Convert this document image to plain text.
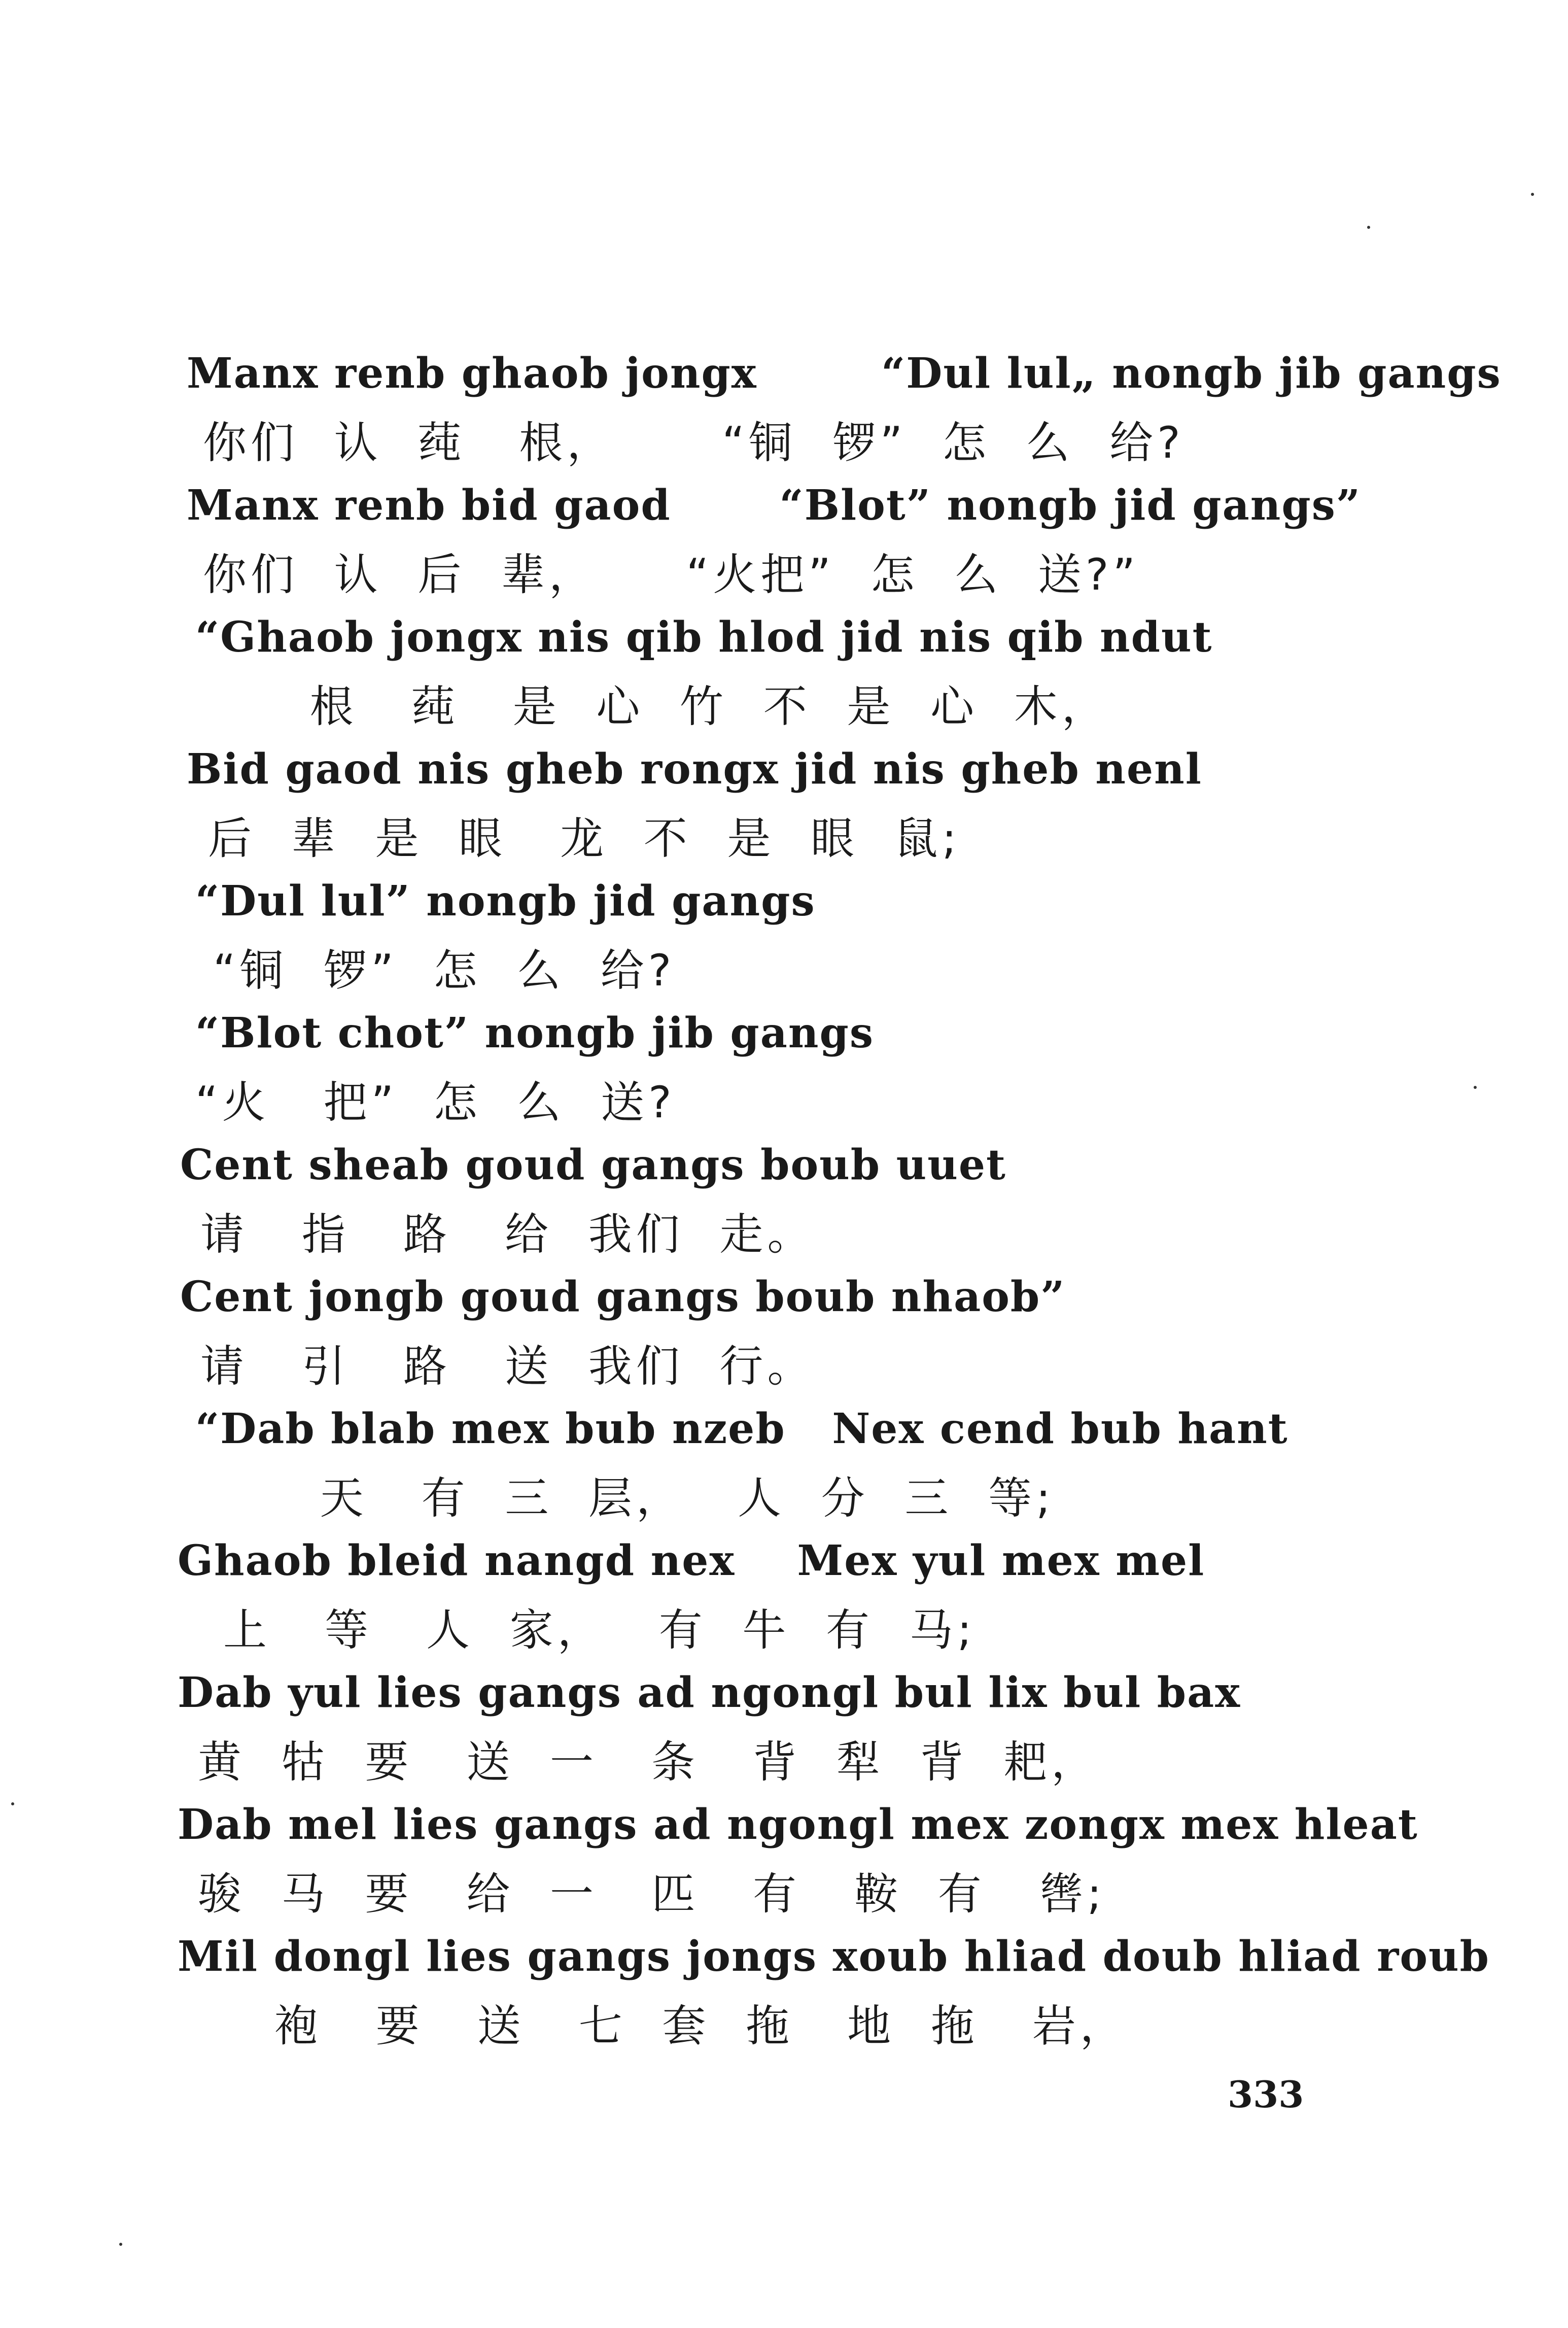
Manx renb ghaob jongx        “Dul lul„ nongb jib gangs
你们  认  莼   根，      “铜  锣”  怎  么  给?
Manx renb bid gaod       “Blot” nongb jid gangs”
你们  认  后  辈，     “火把”  怎  么  送?”
“Ghaob jongx nis qib hlod jid nis qib ndut
根   莼   是  心  竹  不  是  心  木，
Bid gaod nis gheb rongx jid nis gheb nenl
后  辈  是  眼   龙  不  是  眼  鼠;
“Dul lul” nongb jid gangs
“铜  锣”  怎  么  给?
“Blot chot” nongb jib gangs
“火   把”  怎  么  送?
Cent sheab goud gangs boub uuet
请   指   路   给  我们  走。
Cent jongb goud gangs boub nhaob”
请   引   路   送  我们  行。
“Dab blab mex bub nzeb   Nex cend bub hant
天   有  三  层，   人  分  三  等;
Ghaob bleid nangd nex    Mex yul mex mel
上   等   人  家，   有  牛  有  马;
Dab yul lies gangs ad ngongl bul lix bul bax
黄  牯  要   送  一   条   背  犁  背  耙，
Dab mel lies gangs ad ngongl mex zongx mex hleat
骏  马  要   给  一   匹   有   鞍  有   辔;
Mil dongl lies gangs jongs xoub hliad doub hliad roub
袍   要   送   七  套  拖   地  拖   岩，
333
